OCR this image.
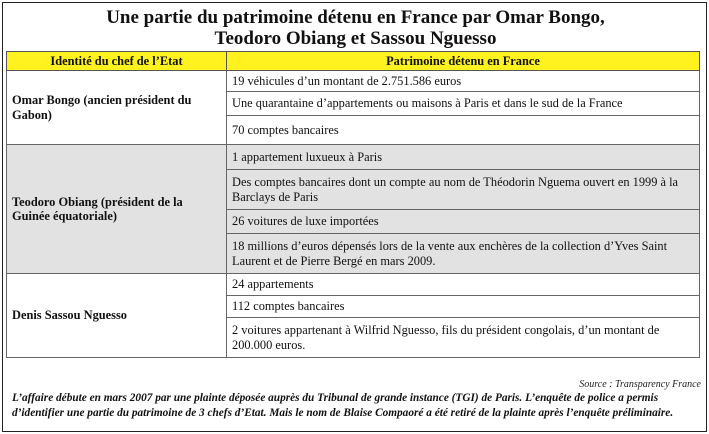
Une partie du patrimoine détenu en France par Omar Bongo,
Teodoro Obiang et Sassou Nguesso
Identité du chef de l’Etat	Patrimoine détenu en France
Omar Bongo (ancien président du Gabon)	19 véhicules d’un montant de 2.751.586 euros
	Une quarantaine d’appartements ou maisons à Paris et dans le sud de la France
	70 comptes bancaires
Teodoro Obiang (président de la Guinée équatoriale)	1 appartement luxueux à Paris
	Des comptes bancaires dont un compte au nom de Théodorin Nguema ouvert en 1999 à la Barclays de Paris
	26 voitures de luxe importées
	18 millions d’euros dépensés lors de la vente aux enchères de la collection d’Yves Saint Laurent et de Pierre Bergé en mars 2009.
Denis Sassou Nguesso	24 appartements
	112 comptes bancaires
	2 voitures appartenant à Wilfrid Nguesso, fils du président congolais, d’un montant de 200.000 euros.
Source : Transparency France
L’affaire débute en mars 2007 par une plainte déposée auprès du Tribunal de grande instance (TGI) de Paris. L’enquête de police a permis d’identifier une partie du patrimoine de 3 chefs d’Etat. Mais le nom de Blaise Compaoré a été retiré de la plainte après l’enquête préliminaire.
